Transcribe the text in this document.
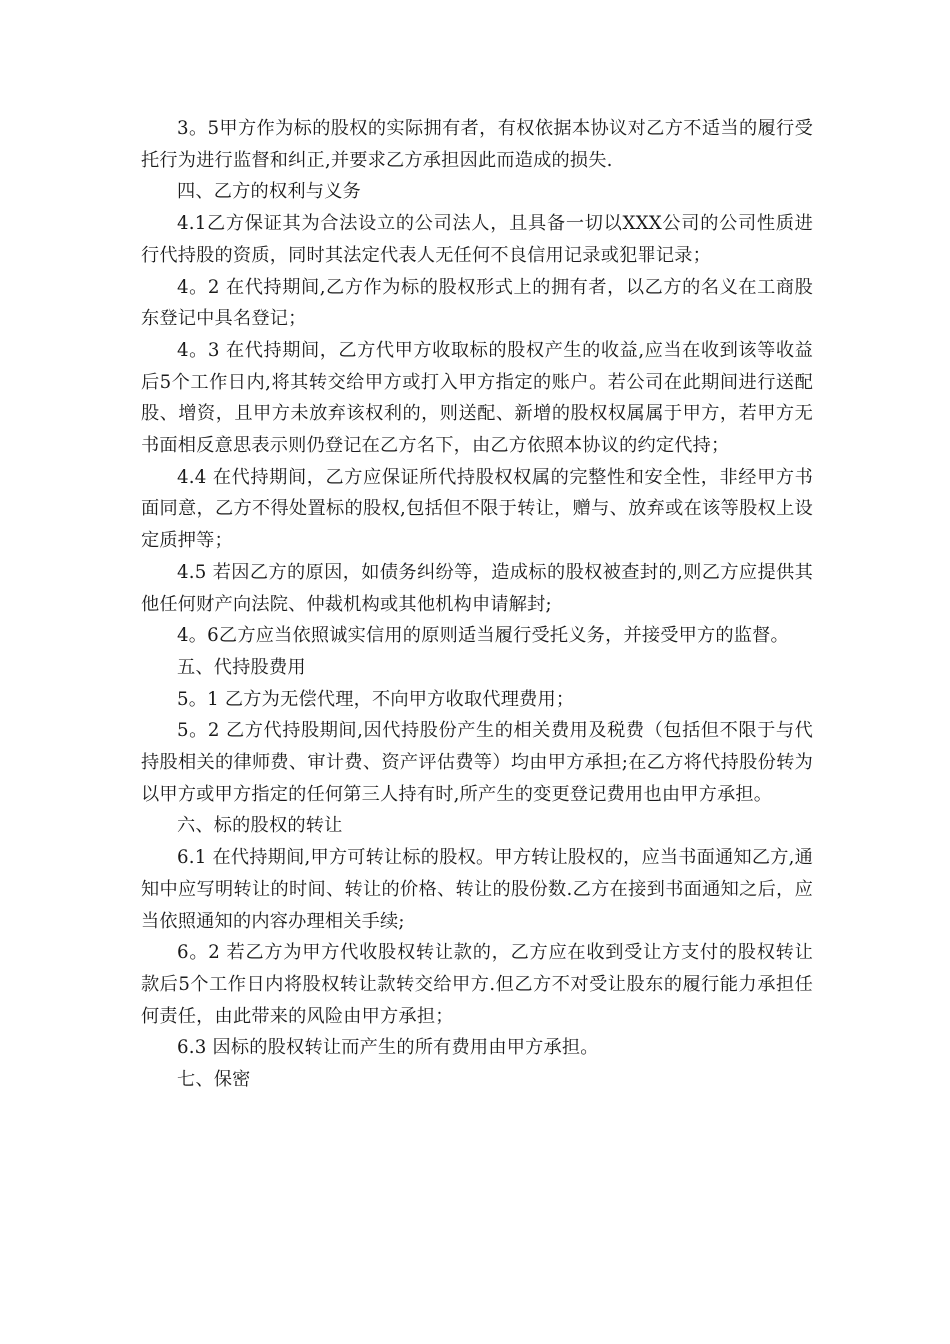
3。5甲方作为标的股权的实际拥有者，有权依据本协议对乙方不适当的履行受托行为进行监督和纠正,并要求乙方承担因此而造成的损失.

四、乙方的权利与义务

4.1乙方保证其为合法设立的公司法人，且具备一切以XXX公司的公司性质进行代持股的资质，同时其法定代表人无任何不良信用记录或犯罪记录；

4。2 在代持期间,乙方作为标的股权形式上的拥有者，以乙方的名义在工商股东登记中具名登记；

4。3 在代持期间，乙方代甲方收取标的股权产生的收益,应当在收到该等收益后5个工作日内,将其转交给甲方或打入甲方指定的账户。若公司在此期间进行送配股、增资，且甲方未放弃该权利的，则送配、新增的股权权属属于甲方，若甲方无书面相反意思表示则仍登记在乙方名下，由乙方依照本协议的约定代持；

4.4 在代持期间，乙方应保证所代持股权权属的完整性和安全性，非经甲方书面同意，乙方不得处置标的股权,包括但不限于转让，赠与、放弃或在该等股权上设定质押等；

4.5 若因乙方的原因，如债务纠纷等，造成标的股权被查封的,则乙方应提供其他任何财产向法院、仲裁机构或其他机构申请解封;

4。6乙方应当依照诚实信用的原则适当履行受托义务，并接受甲方的监督。

五、代持股费用

5。1 乙方为无偿代理，不向甲方收取代理费用；

5。2 乙方代持股期间,因代持股份产生的相关费用及税费（包括但不限于与代持股相关的律师费、审计费、资产评估费等）均由甲方承担;在乙方将代持股份转为以甲方或甲方指定的任何第三人持有时,所产生的变更登记费用也由甲方承担。

六、标的股权的转让

6.1 在代持期间,甲方可转让标的股权。甲方转让股权的，应当书面通知乙方,通知中应写明转让的时间、转让的价格、转让的股份数.乙方在接到书面通知之后，应当依照通知的内容办理相关手续;

6。2 若乙方为甲方代收股权转让款的，乙方应在收到受让方支付的股权转让款后5个工作日内将股权转让款转交给甲方.但乙方不对受让股东的履行能力承担任何责任，由此带来的风险由甲方承担；

6.3 因标的股权转让而产生的所有费用由甲方承担。

七、保密
